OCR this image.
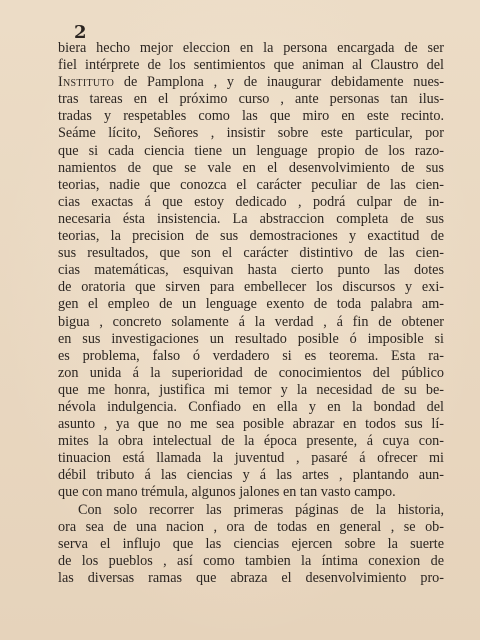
2
biera hecho mejor eleccion en la persona encargada de ser
fiel intérprete de los sentimientos que animan al Claustro del
Instituto de Pamplona , y de inaugurar debidamente nues-
tras tareas en el próximo curso , ante personas tan ilus-
tradas y respetables como las que miro en este recinto.
Seáme lícito, Señores , insistir sobre este particular, por
que si cada ciencia tiene un lenguage propio de los razo-
namientos de que se vale en el desenvolvimiento de sus
teorias, nadie que conozca el carácter peculiar de las cien-
cias exactas á que estoy dedicado , podrá culpar de in-
necesaria ésta insistencia. La abstraccion completa de sus
teorias, la precision de sus demostraciones y exactitud de
sus resultados, que son el carácter distintivo de las cien-
cias matemáticas, esquivan hasta cierto punto las dotes
de oratoria que sirven para embellecer los discursos y exi-
gen el empleo de un lenguage exento de toda palabra am-
bigua , concreto solamente á la verdad , á fin de obtener
en sus investigaciones un resultado posible ó imposible si
es problema, falso ó verdadero si es teorema. Esta ra-
zon unida á la superioridad de conocimientos del público
que me honra, justifica mi temor y la necesidad de su be-
névola indulgencia. Confiado en ella y en la bondad del
asunto , ya que no me sea posible abrazar en todos sus lí-
mites la obra intelectual de la época presente, á cuya con-
tinuacion está llamada la juventud , pasaré á ofrecer mi
débil tributo á las ciencias y á las artes , plantando aun-
que con mano trémula, algunos jalones en tan vasto campo.
Con solo recorrer las primeras páginas de la historia,
ora sea de una nacion , ora de todas en general , se ob-
serva el influjo que las ciencias ejercen sobre la suerte
de los pueblos , así como tambien la íntima conexion de
las diversas ramas que abraza el desenvolvimiento pro-
